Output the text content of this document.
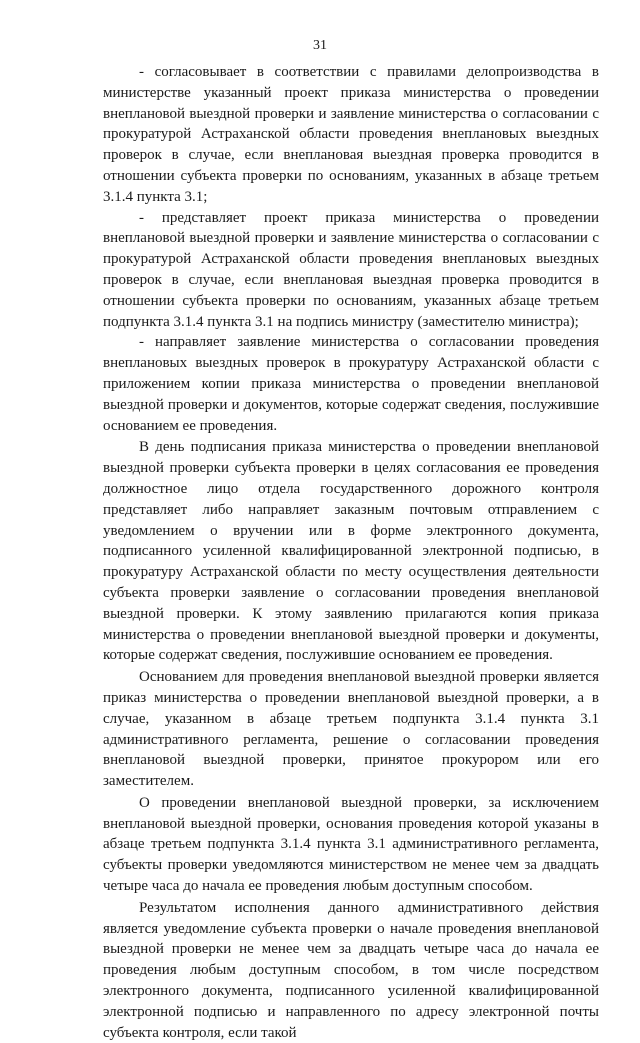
31

- согласовывает в соответствии с правилами делопроизводства в министерстве указанный проект приказа министерства о проведении внеплановой выездной проверки и заявление министерства о согласовании с прокуратурой Астраханской области проведения внеплановых выездных проверок в случае, если внеплановая выездная проверка проводится в отношении субъекта проверки по основаниям, указанных в абзаце третьем 3.1.4 пункта 3.1;

- представляет проект приказа министерства о проведении внеплановой выездной проверки и заявление министерства о согласовании с прокуратурой Астраханской области проведения внеплановых выездных проверок в случае, если внеплановая выездная проверка проводится в отношении субъекта проверки по основаниям, указанных абзаце третьем подпункта 3.1.4 пункта 3.1 на подпись министру (заместителю министра);

- направляет заявление министерства о согласовании проведения внеплановых выездных проверок в прокуратуру Астраханской области с приложением копии приказа министерства о проведении внеплановой выездной проверки и документов, которые содержат сведения, послужившие основанием ее проведения.

В день подписания приказа министерства о проведении внеплановой выездной проверки субъекта проверки в целях согласования ее проведения должностное лицо отдела государственного дорожного контроля представляет либо направляет заказным почтовым отправлением с уведомлением о вручении или в форме электронного документа, подписанного усиленной квалифицированной электронной подписью, в прокуратуру Астраханской области по месту осуществления деятельности субъекта проверки заявление о согласовании проведения внеплановой выездной проверки. К этому заявлению прилагаются копия приказа министерства о проведении внеплановой выездной проверки и документы, которые содержат сведения, послужившие основанием ее проведения.

Основанием для проведения внеплановой выездной проверки является приказ министерства о проведении внеплановой выездной проверки, а в случае, указанном в абзаце третьем подпункта 3.1.4 пункта 3.1 административного регламента, решение о согласовании проведения внеплановой выездной проверки, принятое прокурором или его заместителем.

О проведении внеплановой выездной проверки, за исключением внеплановой выездной проверки, основания проведения которой указаны в абзаце третьем подпункта 3.1.4 пункта 3.1 административного регламента, субъекты проверки уведомляются министерством не менее чем за двадцать четыре часа до начала ее проведения любым доступным способом.

Результатом исполнения данного административного действия является уведомление субъекта проверки о начале проведения внеплановой выездной проверки не менее чем за двадцать четыре часа до начала ее проведения любым доступным способом, в том числе посредством электронного документа, подписанного усиленной квалифицированной электронной подписью и направленного по адресу электронной почты субъекта контроля, если такой
